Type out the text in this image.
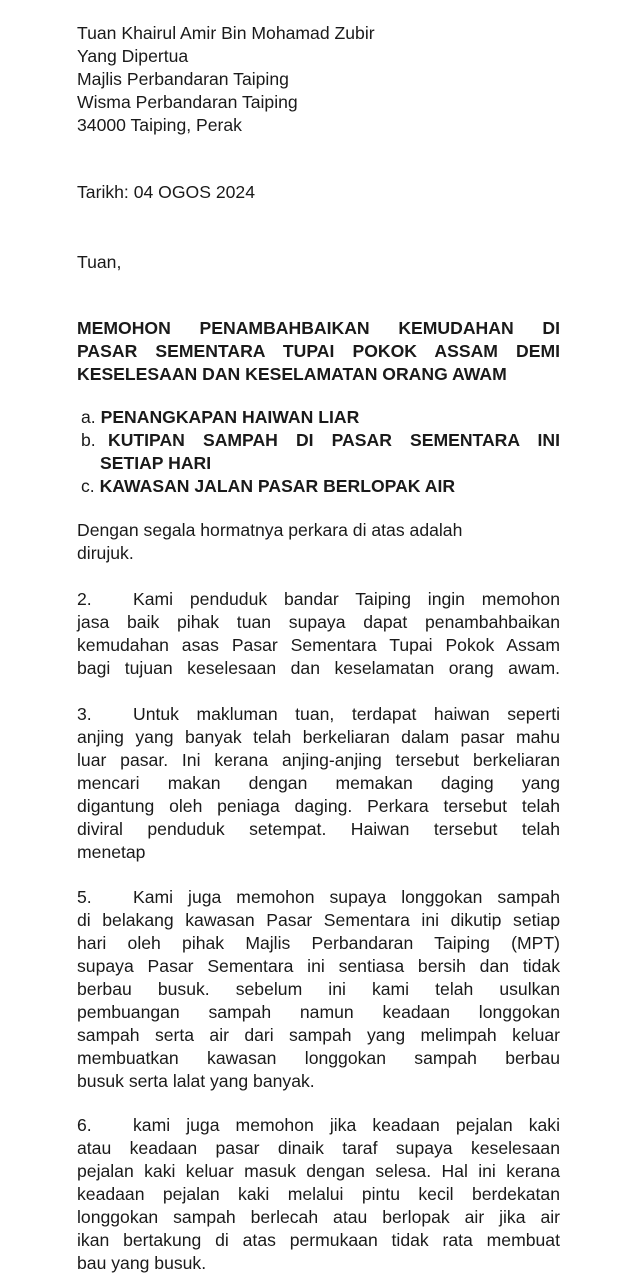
Tuan Khairul Amir Bin Mohamad Zubir
Yang Dipertua
Majlis Perbandaran Taiping
Wisma Perbandaran Taiping
34000 Taiping, Perak
Tarikh: 04 OGOS 2024
Tuan,
MEMOHON PENAMBAHBAIKAN KEMUDAHAN DI
PASAR SEMENTARA TUPAI POKOK ASSAM DEMI
KESELESAAN DAN KESELAMATAN ORANG AWAM
a. PENANGKAPAN HAIWAN LIAR
b. KUTIPAN SAMPAH DI PASAR SEMENTARA INI
SETIAP HARI
c. KAWASAN JALAN PASAR BERLOPAK AIR
Dengan segala hormatnya perkara di atas adalah
dirujuk.
2. Kami penduduk bandar Taiping ingin memohon
jasa baik pihak tuan supaya dapat penambahbaikan
kemudahan asas Pasar Sementara Tupai Pokok Assam
bagi tujuan keselesaan dan keselamatan orang awam.
3. Untuk makluman tuan, terdapat haiwan seperti
anjing yang banyak telah berkeliaran dalam pasar mahu
luar pasar. Ini kerana anjing-anjing tersebut berkeliaran
mencari makan dengan memakan daging yang
digantung oleh peniaga daging. Perkara tersebut telah
diviral penduduk setempat. Haiwan tersebut telah
menetap
5. Kami juga memohon supaya longgokan sampah
di belakang kawasan Pasar Sementara ini dikutip setiap
hari oleh pihak Majlis Perbandaran Taiping (MPT)
supaya Pasar Sementara ini sentiasa bersih dan tidak
berbau busuk. sebelum ini kami telah usulkan
pembuangan sampah namun keadaan longgokan
sampah serta air dari sampah yang melimpah keluar
membuatkan kawasan longgokan sampah berbau
busuk serta lalat yang banyak.
6. kami juga memohon jika keadaan pejalan kaki
atau keadaan pasar dinaik taraf supaya keselesaan
pejalan kaki keluar masuk dengan selesa. Hal ini kerana
keadaan pejalan kaki melalui pintu kecil berdekatan
longgokan sampah berlecah atau berlopak air jika air
ikan bertakung di atas permukaan tidak rata membuat
bau yang busuk.
